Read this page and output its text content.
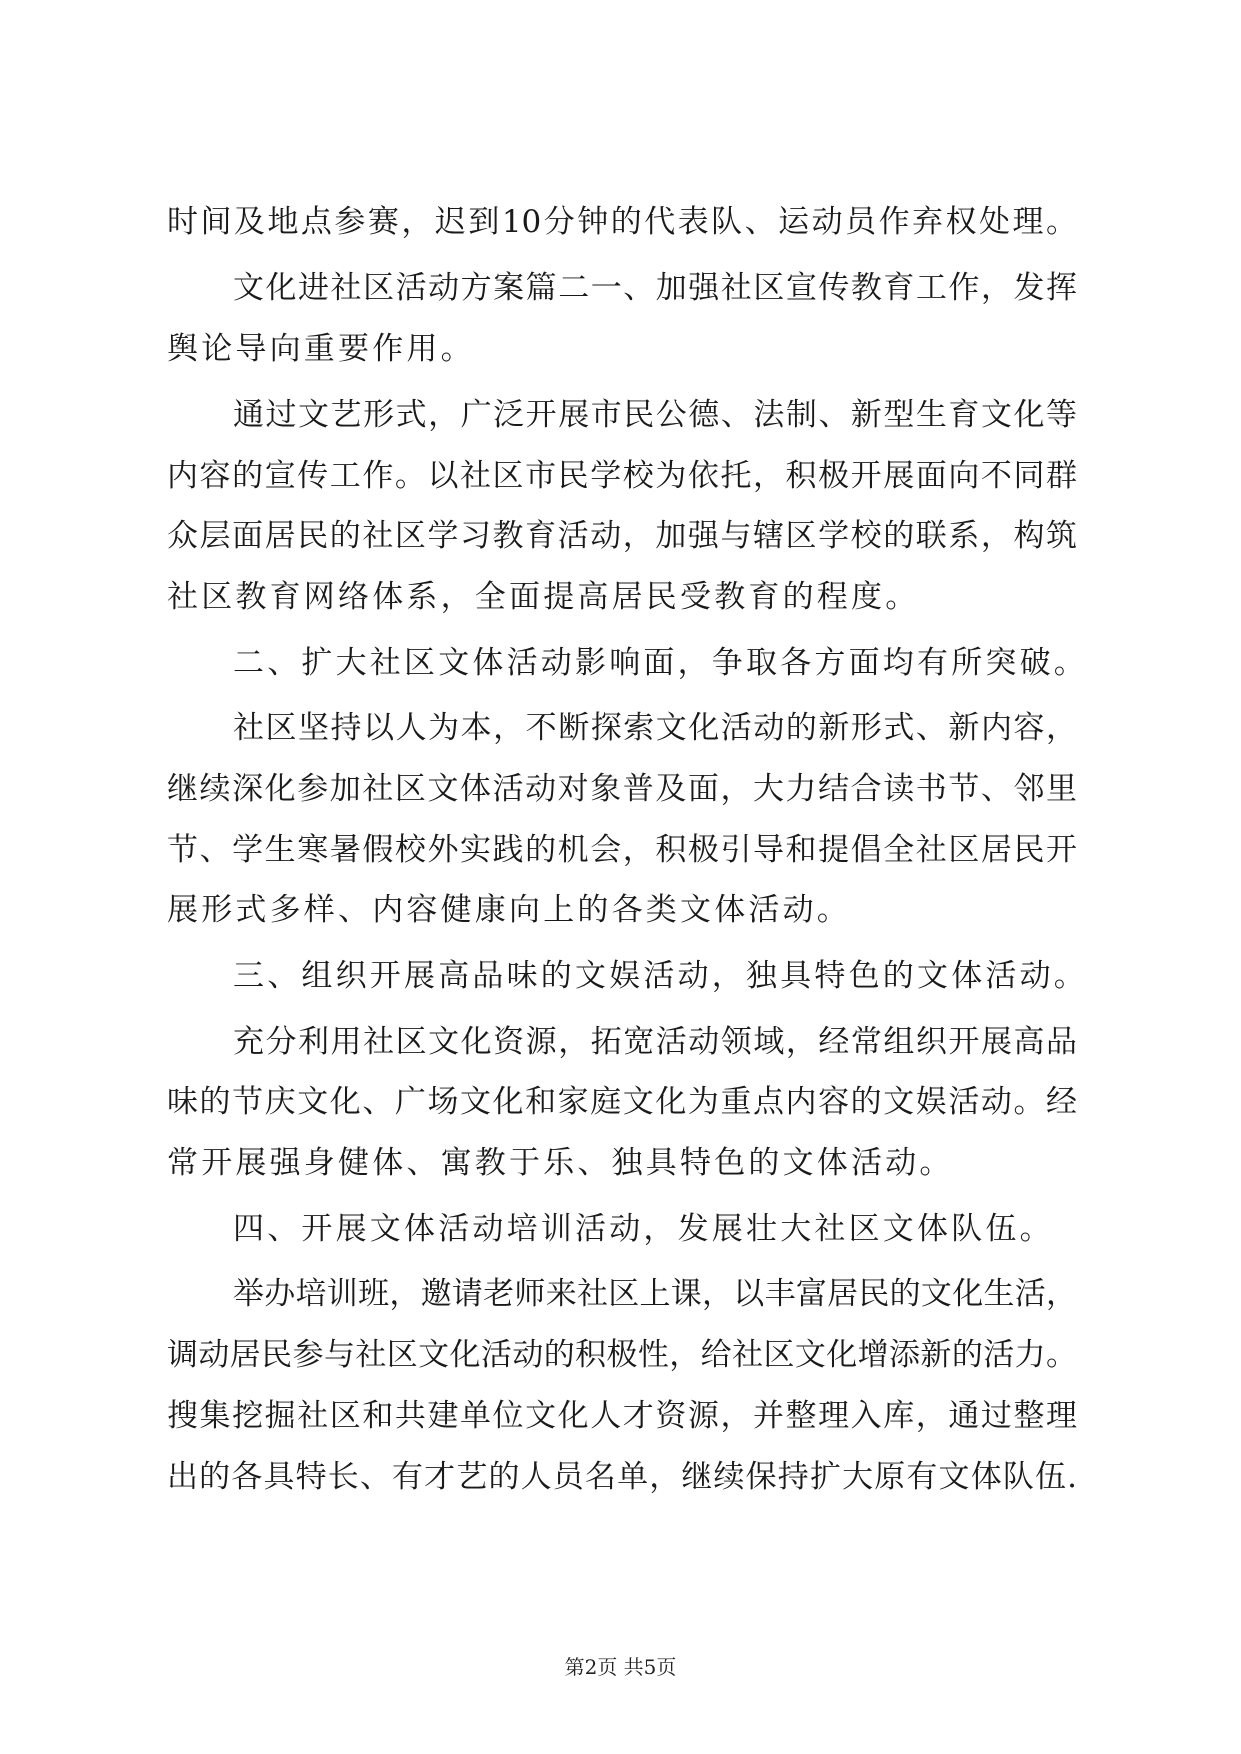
时间及地点参赛，迟到10分钟的代表队、运动员作弃权处理。
文化进社区活动方案篇二一、加强社区宣传教育工作，发挥
舆论导向重要作用。
通过文艺形式，广泛开展市民公德、法制、新型生育文化等
内容的宣传工作。以社区市民学校为依托，积极开展面向不同群
众层面居民的社区学习教育活动，加强与辖区学校的联系，构筑
社区教育网络体系，全面提高居民受教育的程度。
二、扩大社区文体活动影响面，争取各方面均有所突破。
社区坚持以人为本，不断探索文化活动的新形式、新内容，
继续深化参加社区文体活动对象普及面，大力结合读书节、邻里
节、学生寒暑假校外实践的机会，积极引导和提倡全社区居民开
展形式多样、内容健康向上的各类文体活动。
三、组织开展高品味的文娱活动，独具特色的文体活动。
充分利用社区文化资源，拓宽活动领域，经常组织开展高品
味的节庆文化、广场文化和家庭文化为重点内容的文娱活动。经
常开展强身健体、寓教于乐、独具特色的文体活动。
四、开展文体活动培训活动，发展壮大社区文体队伍。
举办培训班，邀请老师来社区上课，以丰富居民的文化生活，
调动居民参与社区文化活动的积极性，给社区文化增添新的活力。
搜集挖掘社区和共建单位文化人才资源，并整理入库，通过整理
出的各具特长、有才艺的人员名单，继续保持扩大原有文体队伍.
第2页 共5页
